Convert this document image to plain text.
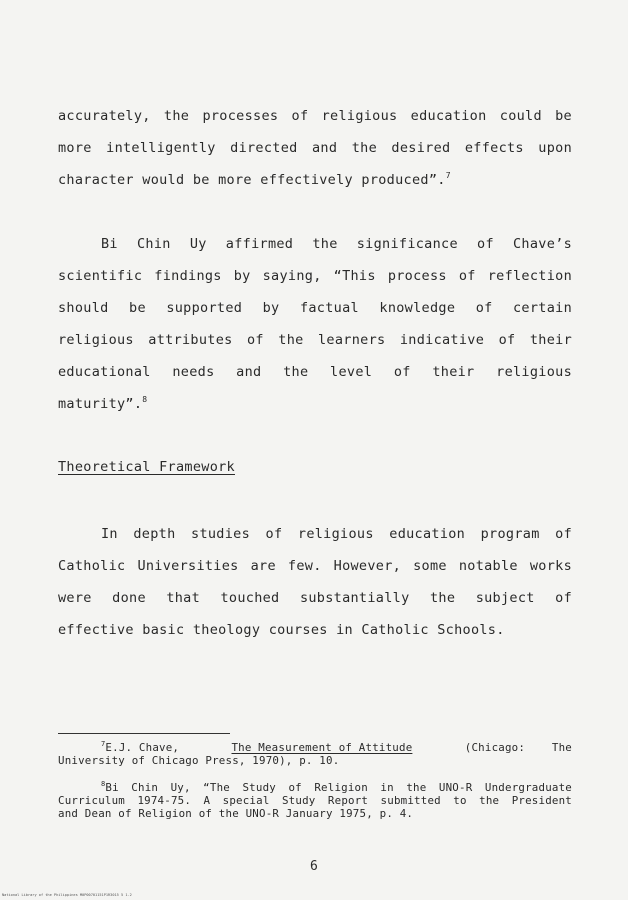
accurately, the processes of religious education could be
more intelligently directed and the desired effects upon
character would be more effectively produced”.$^7$
Bi Chin Uy affirmed the significance of Chave’s
scientific findings by saying, “This process of reflection
should be supported by factual knowledge of certain
religious attributes of the learners indicative of their
educational needs and the level of their religious
maturity”.$^8$
Theoretical Framework
In depth studies of religious education program of
Catholic Universities are few. However, some notable works
were done that touched substantially the subject of
effective basic theology courses in Catholic Schools.
$^7$E.J. Chave,	The Measurement of Attitude	(Chicago:    The
University of Chicago Press, 1970), p. 10.
$^8$Bi Chin Uy, “The Study of Religion in the UNO-R Undergraduate
Curriculum 1974-75. A special Study Report submitted to the President
and Dean of Religion of the UNO-R January 1975, p. 4.
6
National Library of the Philippines M0P00701151P1R3015 5 1.2
